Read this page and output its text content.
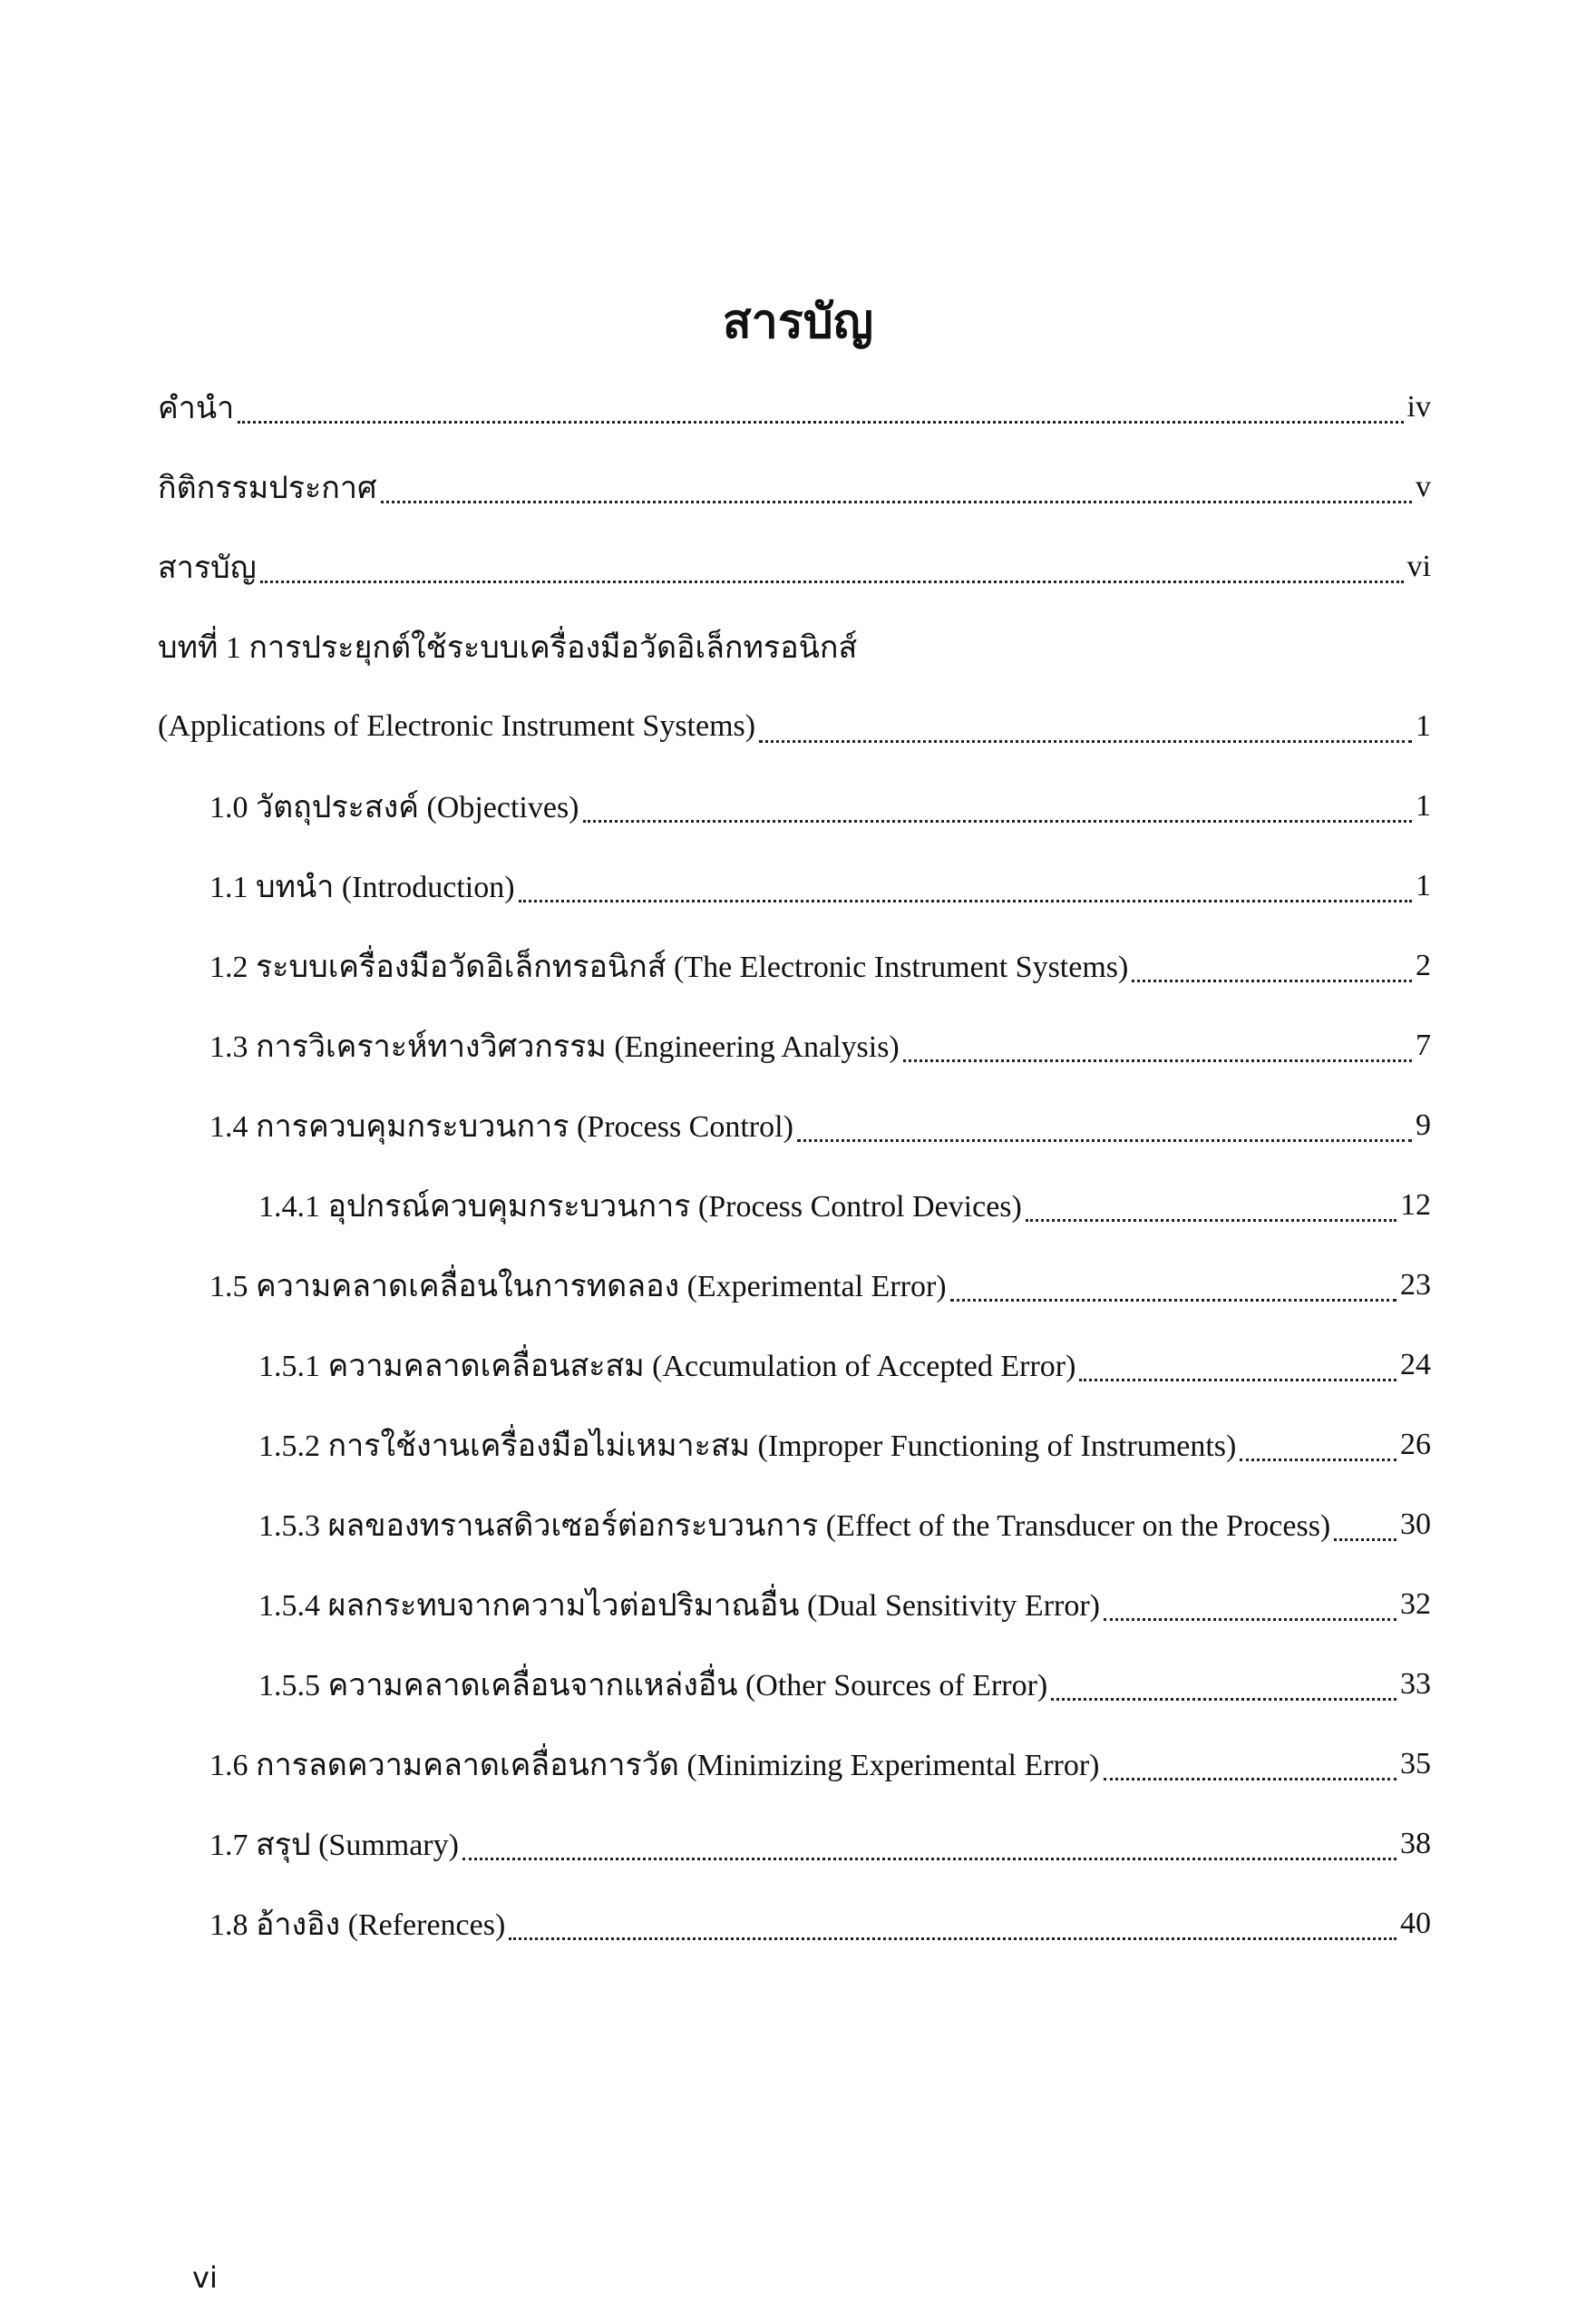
สารบัญ
คำนำ	iv
กิติกรรมประกาศ	v
สารบัญ	vi
บทที่ 1 การประยุกต์ใช้ระบบเครื่องมือวัดอิเล็กทรอนิกส์
(Applications of Electronic Instrument Systems)	1
1.0 วัตถุประสงค์ (Objectives)	1
1.1 บทนำ (Introduction)	1
1.2 ระบบเครื่องมือวัดอิเล็กทรอนิกส์ (The Electronic Instrument Systems)	2
1.3 การวิเคราะห์ทางวิศวกรรม (Engineering Analysis)	7
1.4 การควบคุมกระบวนการ (Process Control)	9
1.4.1 อุปกรณ์ควบคุมกระบวนการ (Process Control Devices)	12
1.5 ความคลาดเคลื่อนในการทดลอง (Experimental Error)	23
1.5.1 ความคลาดเคลื่อนสะสม (Accumulation of Accepted Error)	24
1.5.2 การใช้งานเครื่องมือไม่เหมาะสม (Improper Functioning of Instruments)	26
1.5.3 ผลของทรานสดิวเซอร์ต่อกระบวนการ (Effect of the Transducer on the Process) 30
1.5.4 ผลกระทบจากความไวต่อปริมาณอื่น (Dual Sensitivity Error)	32
1.5.5 ความคลาดเคลื่อนจากแหล่งอื่น (Other Sources of Error)	33
1.6 การลดความคลาดเคลื่อนการวัด (Minimizing Experimental Error)	35
1.7 สรุป (Summary)	38
1.8 อ้างอิง (References)	40
vi
